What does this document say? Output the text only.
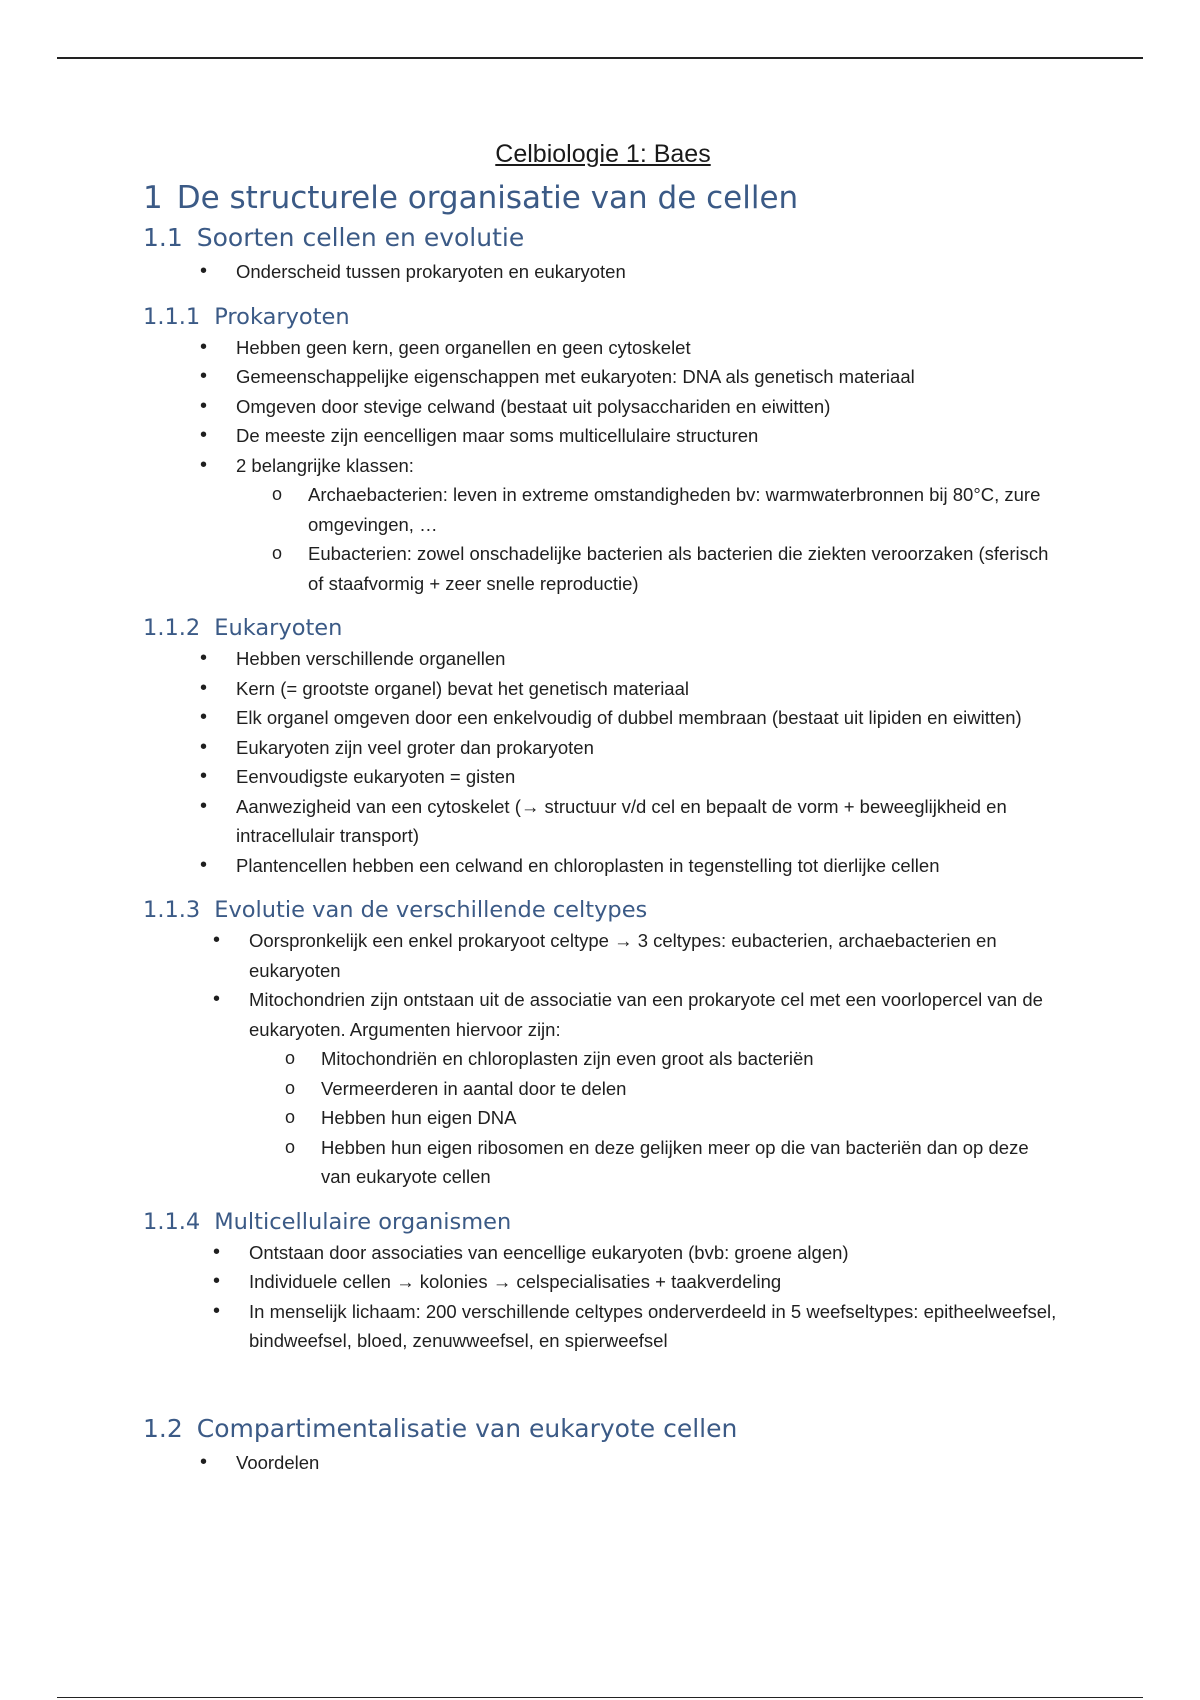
Celbiologie 1: Baes
1 De structurele organisatie van de cellen
1.1 Soorten cellen en evolutie
• Onderscheid tussen prokaryoten en eukaryoten
1.1.1 Prokaryoten
• Hebben geen kern, geen organellen en geen cytoskelet
• Gemeenschappelijke eigenschappen met eukaryoten: DNA als genetisch materiaal
• Omgeven door stevige celwand (bestaat uit polysacchariden en eiwitten)
• De meeste zijn eencelligen maar soms multicellulaire structuren
• 2 belangrijke klassen:
o Archaebacterien: leven in extreme omstandigheden bv: warmwaterbronnen bij 80°C, zure omgevingen, …
o Eubacterien: zowel onschadelijke bacterien als bacterien die ziekten veroorzaken (sferisch of staafvormig + zeer snelle reproductie)
1.1.2 Eukaryoten
• Hebben verschillende organellen
• Kern (= grootste organel) bevat het genetisch materiaal
• Elk organel omgeven door een enkelvoudig of dubbel membraan (bestaat uit lipiden en eiwitten)
• Eukaryoten zijn veel groter dan prokaryoten
• Eenvoudigste eukaryoten = gisten
• Aanwezigheid van een cytoskelet (→ structuur v/d cel en bepaalt de vorm + beweeglijkheid en intracellulair transport)
• Plantencellen hebben een celwand en chloroplasten in tegenstelling tot dierlijke cellen
1.1.3 Evolutie van de verschillende celtypes
• Oorspronkelijk een enkel prokaryoot celtype → 3 celtypes: eubacterien, archaebacterien en eukaryoten
• Mitochondrien zijn ontstaan uit de associatie van een prokaryote cel met een voorlopercel van de eukaryoten. Argumenten hiervoor zijn:
o Mitochondriën en chloroplasten zijn even groot als bacteriën
o Vermeerderen in aantal door te delen
o Hebben hun eigen DNA
o Hebben hun eigen ribosomen en deze gelijken meer op die van bacteriën dan op deze van eukaryote cellen
1.1.4 Multicellulaire organismen
• Ontstaan door associaties van eencellige eukaryoten (bvb: groene algen)
• Individuele cellen → kolonies → celspecialisaties + taakverdeling
• In menselijk lichaam: 200 verschillende celtypes onderverdeeld in 5 weefseltypes: epitheelweefsel, bindweefsel, bloed, zenuwweefsel, en spierweefsel
1.2 Compartimentalisatie van eukaryote cellen
• Voordelen
